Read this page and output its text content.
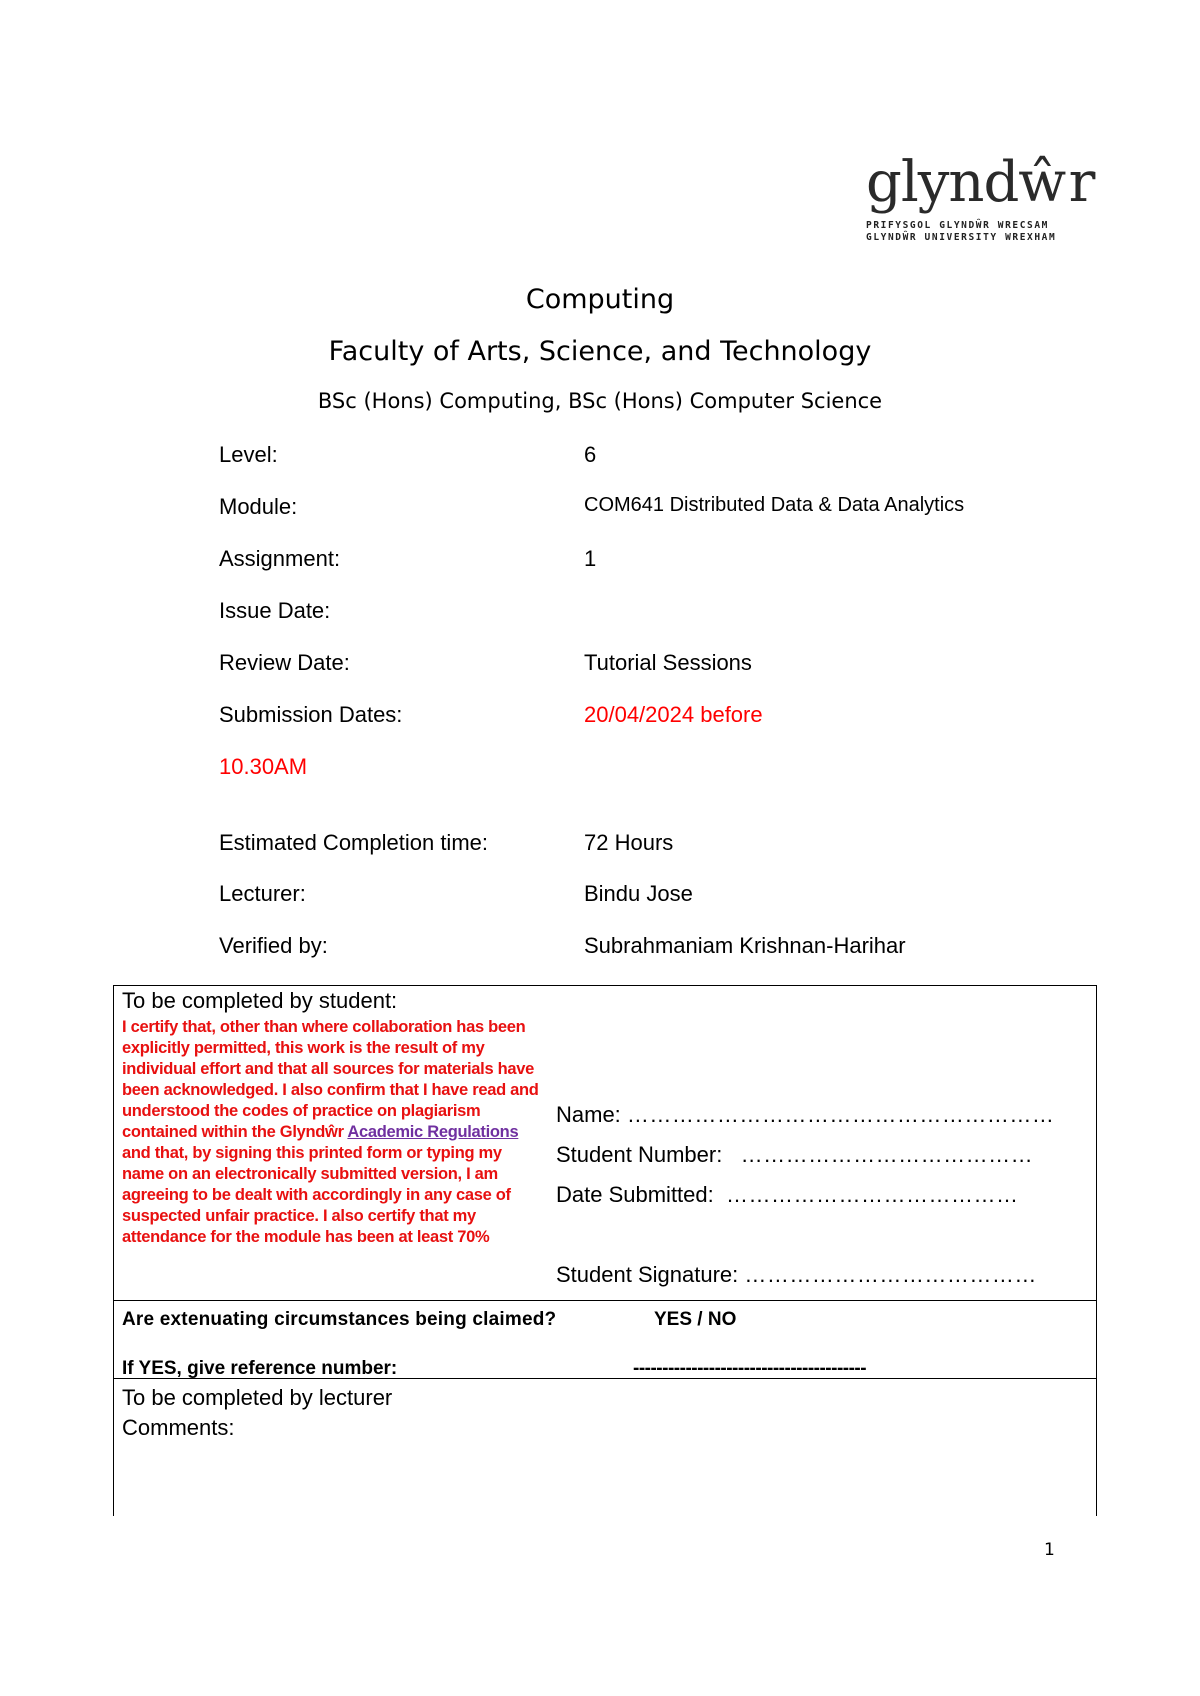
glyndŵr
PRIFYSGOL GLYNDŴR WRECSAM
GLYNDŴR UNIVERSITY WREXHAM
Computing
Faculty of Arts, Science, and Technology
BSc (Hons) Computing, BSc (Hons) Computer Science
Level:	6
Module:	COM641 Distributed Data & Data Analytics
Assignment:	1
Issue Date:
Review Date:	Tutorial Sessions
Submission Dates:	20/04/2024 before
10.30AM
Estimated Completion time:	72 Hours
Lecturer:	Bindu Jose
Verified by:	Subrahmaniam Krishnan-Harihar
To be completed by student:
I certify that, other than where collaboration has been explicitly permitted, this work is the result of my individual effort and that all sources for materials have been acknowledged. I also confirm that I have read and understood the codes of practice on plagiarism contained within the Glyndŵr Academic Regulations and that, by signing this printed form or typing my name on an electronically submitted version, I am agreeing to be dealt with accordingly in any case of suspected unfair practice. I also certify that my attendance for the module has been at least 70%
Name: …………………………………………………
Student Number: …………………………………
Date Submitted: …………………………………
Student Signature: …………………………………
Are extenuating circumstances being claimed?	YES / NO
If YES, give reference number:	----------------------------------------
To be completed by lecturer
Comments:
1
